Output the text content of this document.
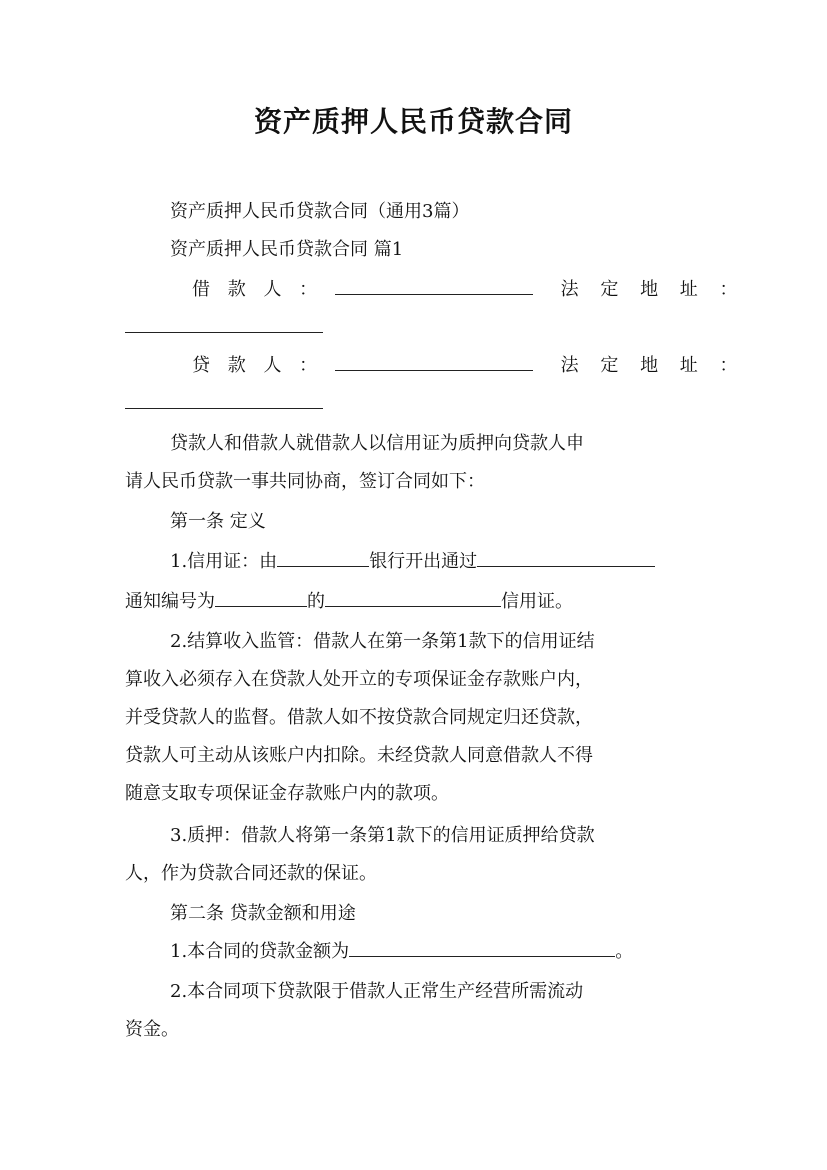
资产质押人民币贷款合同
资产质押人民币贷款合同（通用3篇）
资产质押人民币贷款合同 篇1
借 款 人 ：	法 定 地 址 ：
贷 款 人 ：	法 定 地 址 ：
贷款人和借款人就借款人以信用证为质押向贷款人申
请人民币贷款一事共同协商，签订合同如下：
第一条 定义
1.信用证：由	银行开出通过
通知编号为	的	信用证。
2.结算收入监管：借款人在第一条第1款下的信用证结
算收入必须存入在贷款人处开立的专项保证金存款账户内，
并受贷款人的监督。借款人如不按贷款合同规定归还贷款，
贷款人可主动从该账户内扣除。未经贷款人同意借款人不得
随意支取专项保证金存款账户内的款项。
3.质押：借款人将第一条第1款下的信用证质押给贷款
人，作为贷款合同还款的保证。
第二条 贷款金额和用途
1.本合同的贷款金额为	。
2.本合同项下贷款限于借款人正常生产经营所需流动
资金。
